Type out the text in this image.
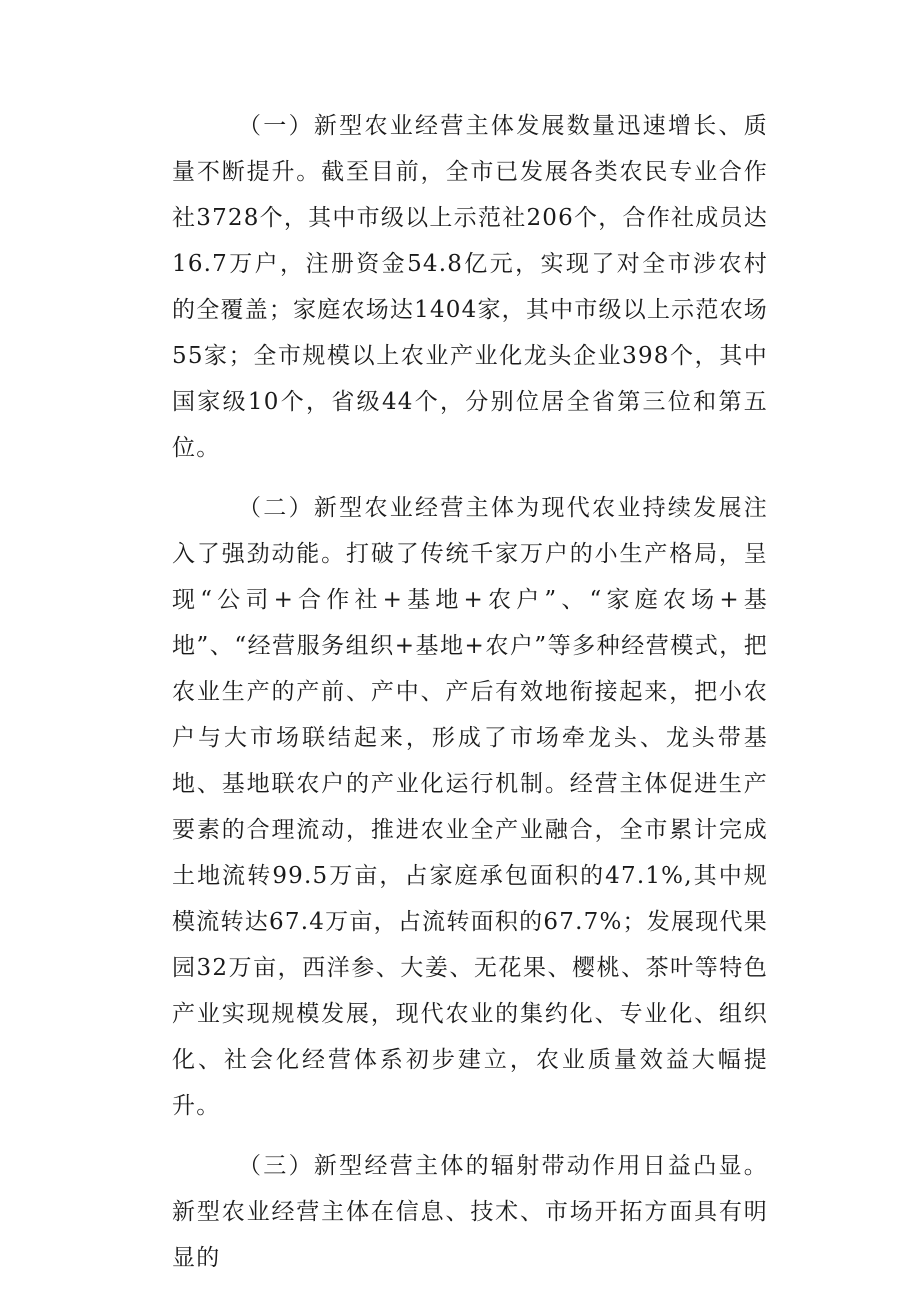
（一）新型农业经营主体发展数量迅速增长、质量不断提升。截至目前，全市已发展各类农民专业合作社3728个，其中市级以上示范社206个，合作社成员达16.7万户，注册资金54.8亿元，实现了对全市涉农村的全覆盖；家庭农场达1404家，其中市级以上示范农场55家；全市规模以上农业产业化龙头企业398个，其中国家级10个，省级44个，分别位居全省第三位和第五位。

（二）新型农业经营主体为现代农业持续发展注入了强劲动能。打破了传统千家万户的小生产格局，呈现“公司+合作社+基地+农户”、“家庭农场+基地”、“经营服务组织+基地+农户”等多种经营模式，把农业生产的产前、产中、产后有效地衔接起来，把小农户与大市场联结起来，形成了市场牵龙头、龙头带基地、基地联农户的产业化运行机制。经营主体促进生产要素的合理流动，推进农业全产业融合，全市累计完成土地流转99.5万亩，占家庭承包面积的47.1%,其中规模流转达67.4万亩，占流转面积的67.7%；发展现代果园32万亩，西洋参、大姜、无花果、樱桃、茶叶等特色产业实现规模发展，现代农业的集约化、专业化、组织化、社会化经营体系初步建立，农业质量效益大幅提升。

（三）新型经营主体的辐射带动作用日益凸显。新型农业经营主体在信息、技术、市场开拓方面具有明显的
